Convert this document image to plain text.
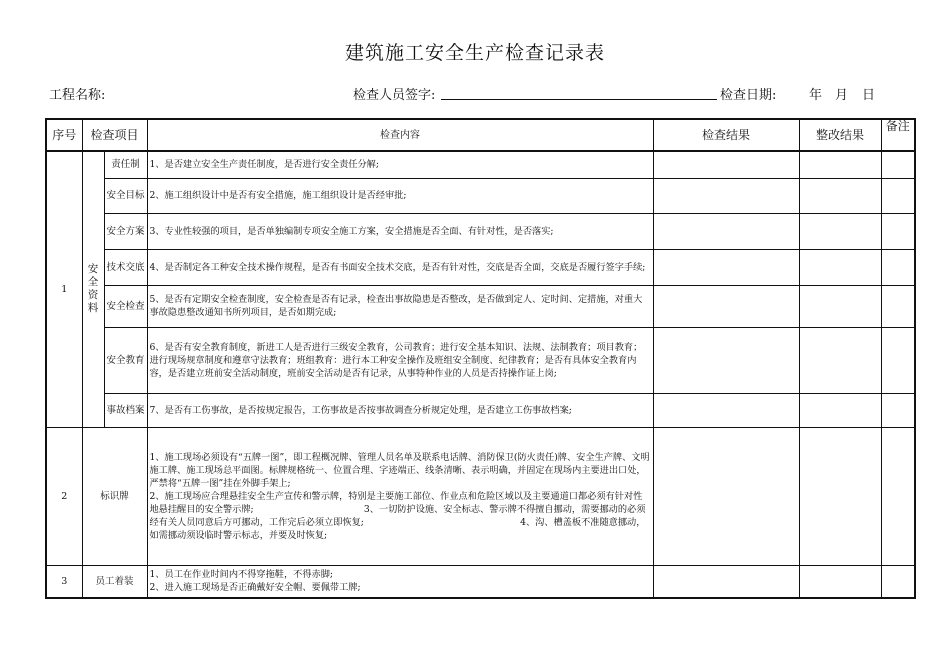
建筑施工安全生产检查记录表
工程名称:	检查人员签字:	检查日期:	年 月 日
序号	检查项目		检查内容	检查结果	整改结果	备注
1	安全资料	责任制	1、是否建立安全生产责任制度，是否进行安全责任分解;			
		安全目标	2、施工组织设计中是否有安全措施，施工组织设计是否经审批;			
		安全方案	3、专业性较强的项目，是否单独编制专项安全施工方案，安全措施是否全面、有针对性，是否落实;			
		技术交底	4、是否制定各工种安全技术操作规程，是否有书面安全技术交底，是否有针对性，交底是否全面，交底是否履行签字手续;			
		安全检查	5、是否有定期安全检查制度，安全检查是否有记录，检查出事故隐患是否整改，是否做到定人、定时间、定措施，对重大事故隐患整改通知书所列项目，是否如期完成;			
		安全教育	6、是否有安全教育制度，新进工人是否进行三级安全教育，公司教育；进行安全基本知识、法规、法制教育；项目教育；进行现场规章制度和遵章守法教育；班组教育：进行本工种安全操作及班组安全制度、纪律教育；是否有具体安全教育内容，是否建立班前安全活动制度，班前安全活动是否有记录，从事特种作业的人员是否持操作证上岗;			
		事故档案	7、是否有工伤事故，是否按规定报告，工伤事故是否按事故调查分析规定处理，是否建立工伤事故档案;			
2	标识牌		1、施工现场必须设有“五牌一图”，即工程概况牌、管理人员名单及联系电话牌、消防保卫(防火责任)牌、安全生产牌、文明施工牌、施工现场总平面图。标牌规格统一、位置合理、字迹端正、线条清晰、表示明确，并固定在现场内主要进出口处，严禁将“五牌一图”挂在外脚手架上;
2、施工现场应合理悬挂安全生产宣传和警示牌，特别是主要施工部位、作业点和危险区域以及主要通道口都必须有针对性地悬挂醒目的安全警示牌;　　　　　　　　　　　　3、一切防护设施、安全标志、警示牌不得擅自挪动，需要挪动的必须经有关人员同意后方可挪动，工作完后必须立即恢复;　　　　　　　　　　　　　　　　　4、沟、槽盖板不准随意挪动，如需挪动须设临时警示标志，并要及时恢复;			
3	员工着装		1、员工在作业时间内不得穿拖鞋，不得赤脚;
2、进入施工现场是否正确戴好安全帽、要佩带工牌;			
